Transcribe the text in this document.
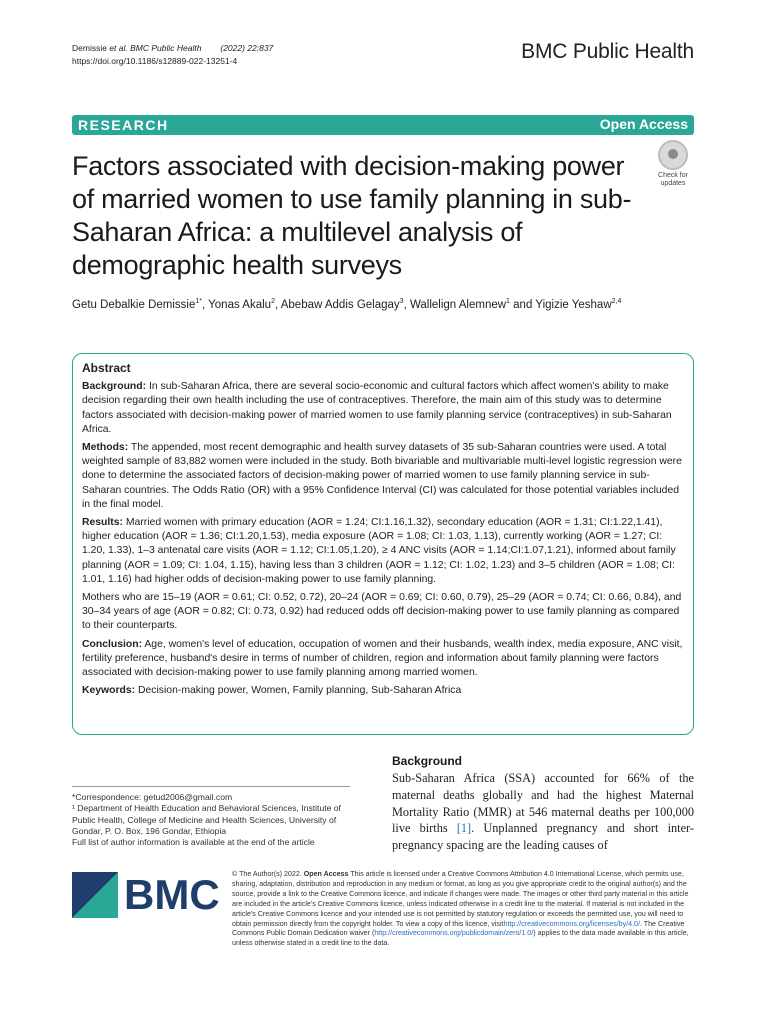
Demissie et al. BMC Public Health (2022) 22:837
https://doi.org/10.1186/s12889-022-13251-4	BMC Public Health
RESEARCH	Open Access
Factors associated with decision-making power of married women to use family planning in sub-Saharan Africa: a multilevel analysis of demographic health surveys
Check for
updates
Getu Debalkie Demissie$^{1*}$, Yonas Akalu$^2$, Abebaw Addis Gelagay$^3$, Wallelign Alemnew$^1$ and Yigizie Yeshaw$^{2,4}$
Abstract

Background: In sub-Saharan Africa, there are several socio-economic and cultural factors which affect women's ability to make decision regarding their own health including the use of contraceptives. Therefore, the main aim of this study was to determine factors associated with decision-making power of married women to use family planning service (contraceptives) in sub-Saharan Africa.

Methods: The appended, most recent demographic and health survey datasets of 35 sub-Saharan countries were used. A total weighted sample of 83,882 women were included in the study. Both bivariable and multivariable multi-level logistic regression were done to determine the associated factors of decision-making power of married women to use family planning service in sub-Saharan countries. The Odds Ratio (OR) with a 95% Confidence Interval (CI) was calculated for those potential variables included in the final model.

Results: Married women with primary education (AOR = 1.24; CI:1.16,1.32), secondary education (AOR = 1.31; CI:1.22,1.41), higher education (AOR = 1.36; CI:1.20,1.53), media exposure (AOR = 1.08; CI: 1.03, 1.13), currently working (AOR = 1.27; CI: 1.20, 1.33), 1–3 antenatal care visits (AOR = 1.12; CI:1.05,1.20), ≥ 4 ANC visits (AOR = 1.14;CI:1.07,1.21), informed about family planning (AOR = 1.09; CI: 1.04, 1.15), having less than 3 children (AOR = 1.12; CI: 1.02, 1.23) and 3–5 children (AOR = 1.08; CI: 1.01, 1.16) had higher odds of decision-making power to use family planning.

Mothers who are 15–19 (AOR = 0.61; CI: 0.52, 0.72), 20–24 (AOR = 0.69; CI: 0.60, 0.79), 25–29 (AOR = 0.74; CI: 0.66, 0.84), and 30–34 years of age (AOR = 0.82; CI: 0.73, 0.92) had reduced odds off decision-making power to use family planning as compared to their counterparts.

Conclusion: Age, women's level of education, occupation of women and their husbands, wealth index, media exposure, ANC visit, fertility preference, husband's desire in terms of number of children, region and information about family planning were factors associated with decision-making power to use family planning among married women.

Keywords: Decision-making power, Women, Family planning, Sub-Saharan Africa

*Correspondence: getud2006@gmail.com
¹ Department of Health Education and Behavioral Sciences, Institute of Public Health, College of Medicine and Health Sciences, University of Gondar, P. O. Box, 196 Gondar, Ethiopia
Full list of author information is available at the end of the article
Background
Sub-Saharan Africa (SSA) accounted for 66% of the maternal deaths globally and had the highest Maternal Mortality Ratio (MMR) at 546 maternal deaths per 100,000 live births [1]. Unplanned pregnancy and short inter-pregnancy spacing are the leading causes of
BMC © The Author(s) 2022. Open Access This article is licensed under a Creative Commons Attribution 4.0 International License, which permits use, sharing, adaptation, distribution and reproduction in any medium or format, as long as you give appropriate credit to the original author(s) and the source, provide a link to the Creative Commons licence, and indicate if changes were made. The images or other third party material in this article are included in the article's Creative Commons licence, unless indicated otherwise in a credit line to the material. If material is not included in the article's Creative Commons licence and your intended use is not permitted by statutory regulation or exceeds the permitted use, you will need to obtain permission directly from the copyright holder. To view a copy of this licence, visithttp://creativecommons.org/licenses/by/4.0/. The Creative Commons Public Domain Dedication waiver (http://creativecommons.org/publicdomain/zero/1.0/) applies to the data made available in this article, unless otherwise stated in a credit line to the data.
